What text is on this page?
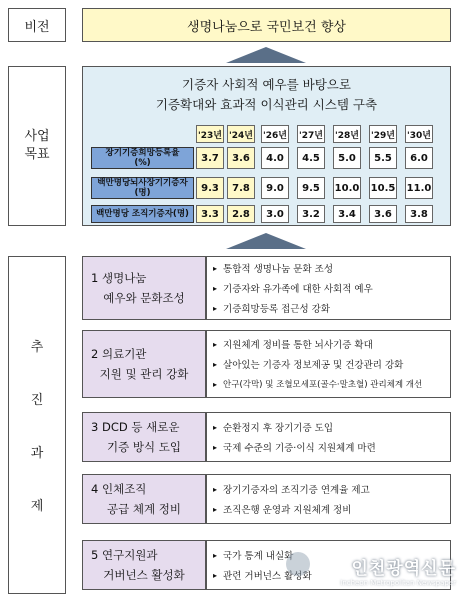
비전	생명나눔으로 국민보건 향상
사업
목표
기증자 사회적 예우를 바탕으로
기증확대와 효과적 이식관리 시스템 구축
'23년 '24년 '26년 '27년 '28년 '29년 '30년
장기기증희망등록율
(%)	3.7	3.6	4.0	4.5	5.0	5.5	6.0
백만명당뇌사장기기증자
(명)	9.3	7.8	9.0	9.5	10.0 10.5 11.0
백만명당 조직기증자(명)	3.3	2.8	3.0	3.2	3.4	3.6	3.8
추
진
과
제
1 생명나눔
예우와 문화조성
▸ 통합적 생명나눔 문화 조성
▸ 기증자와 유가족에 대한 사회적 예우
▸ 기증희망등록 접근성 강화
2 의료기관
지원 및 관리 강화
▸ 지원체계 정비를 통한 뇌사기증 확대
▸ 살아있는 기증자 정보제공 및 건강관리 강화
▸ 안구(각막) 및 조혈모세포(골수·말초혈) 관리체계 개선
3 DCD 등 새로운
기증 방식 도입
▸ 순환정지 후 장기기증 도입
▸ 국제 수준의 기증·이식 지원체계 마련
4 인체조직
공급 체계 정비
▸ 장기기증자의 조직기증 연계율 제고
▸ 조직은행 운영과 지원체계 정비
5 연구지원과
거버넌스 활성화
▸ 국가 통계 내실화
▸ 관련 거버넌스 활성화 인천광역신문
Incheon Metropolitan Newspaper
